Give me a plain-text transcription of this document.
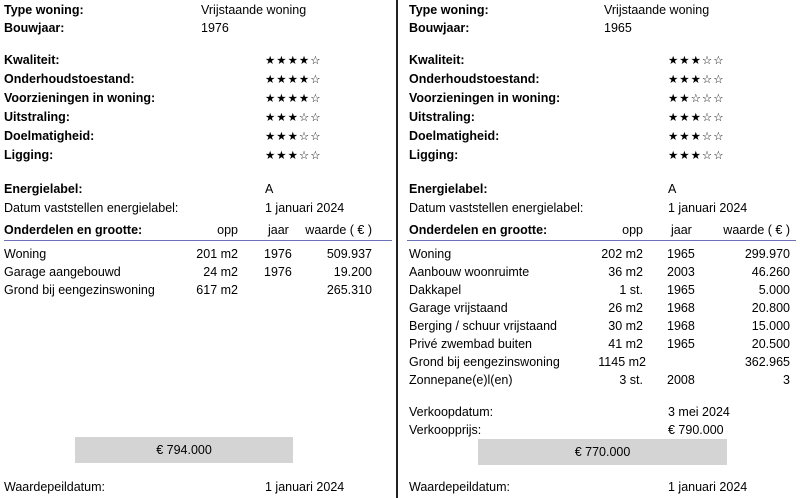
Type woning:	Vrijstaande woning
Bouwjaar:	1976
Kwaliteit:	★★★★☆
Onderhoudstoestand:	★★★★☆
Voorzieningen in woning:	★★★★☆
Uitstraling:	★★★☆☆
Doelmatigheid:	★★★☆☆
Ligging:	★★★☆☆
Energielabel:	A
Datum vaststellen energielabel:	1 januari 2024
Onderdelen en grootte:	opp jaar	waarde ( € )
Woning	201 m2 1976	509.937
Garage aangebouwd	24 m2 1976	19.200
Grond bij eengezinswoning	617 m2	265.310
€ 794.000
Waardepeildatum:	1 januari 2024
Type woning:	Vrijstaande woning
Bouwjaar:	1965
Kwaliteit:	★★★☆☆
Onderhoudstoestand:	★★★☆☆
Voorzieningen in woning:	★★☆☆☆
Uitstraling:	★★★☆☆
Doelmatigheid:	★★★☆☆
Ligging:	★★★☆☆
Energielabel:	A
Datum vaststellen energielabel:	1 januari 2024
Onderdelen en grootte:	opp jaar	waarde ( € )
Woning	202 m2 1965	299.970
Aanbouw woonruimte	36 m2 2003	46.260
Dakkapel	1 st. 1965	5.000
Garage vrijstaand	26 m2 1968	20.800
Berging / schuur vrijstaand	30 m2 1968	15.000
Privé zwembad buiten	41 m2 1965	20.500
Grond bij eengezinswoning	1145 m2	362.965
Zonnepane(e)l(en)	3 st. 2008	3
Verkoopdatum:	3 mei 2024
Verkoopprijs:	€ 790.000
€ 770.000
Waardepeildatum:	1 januari 2024
